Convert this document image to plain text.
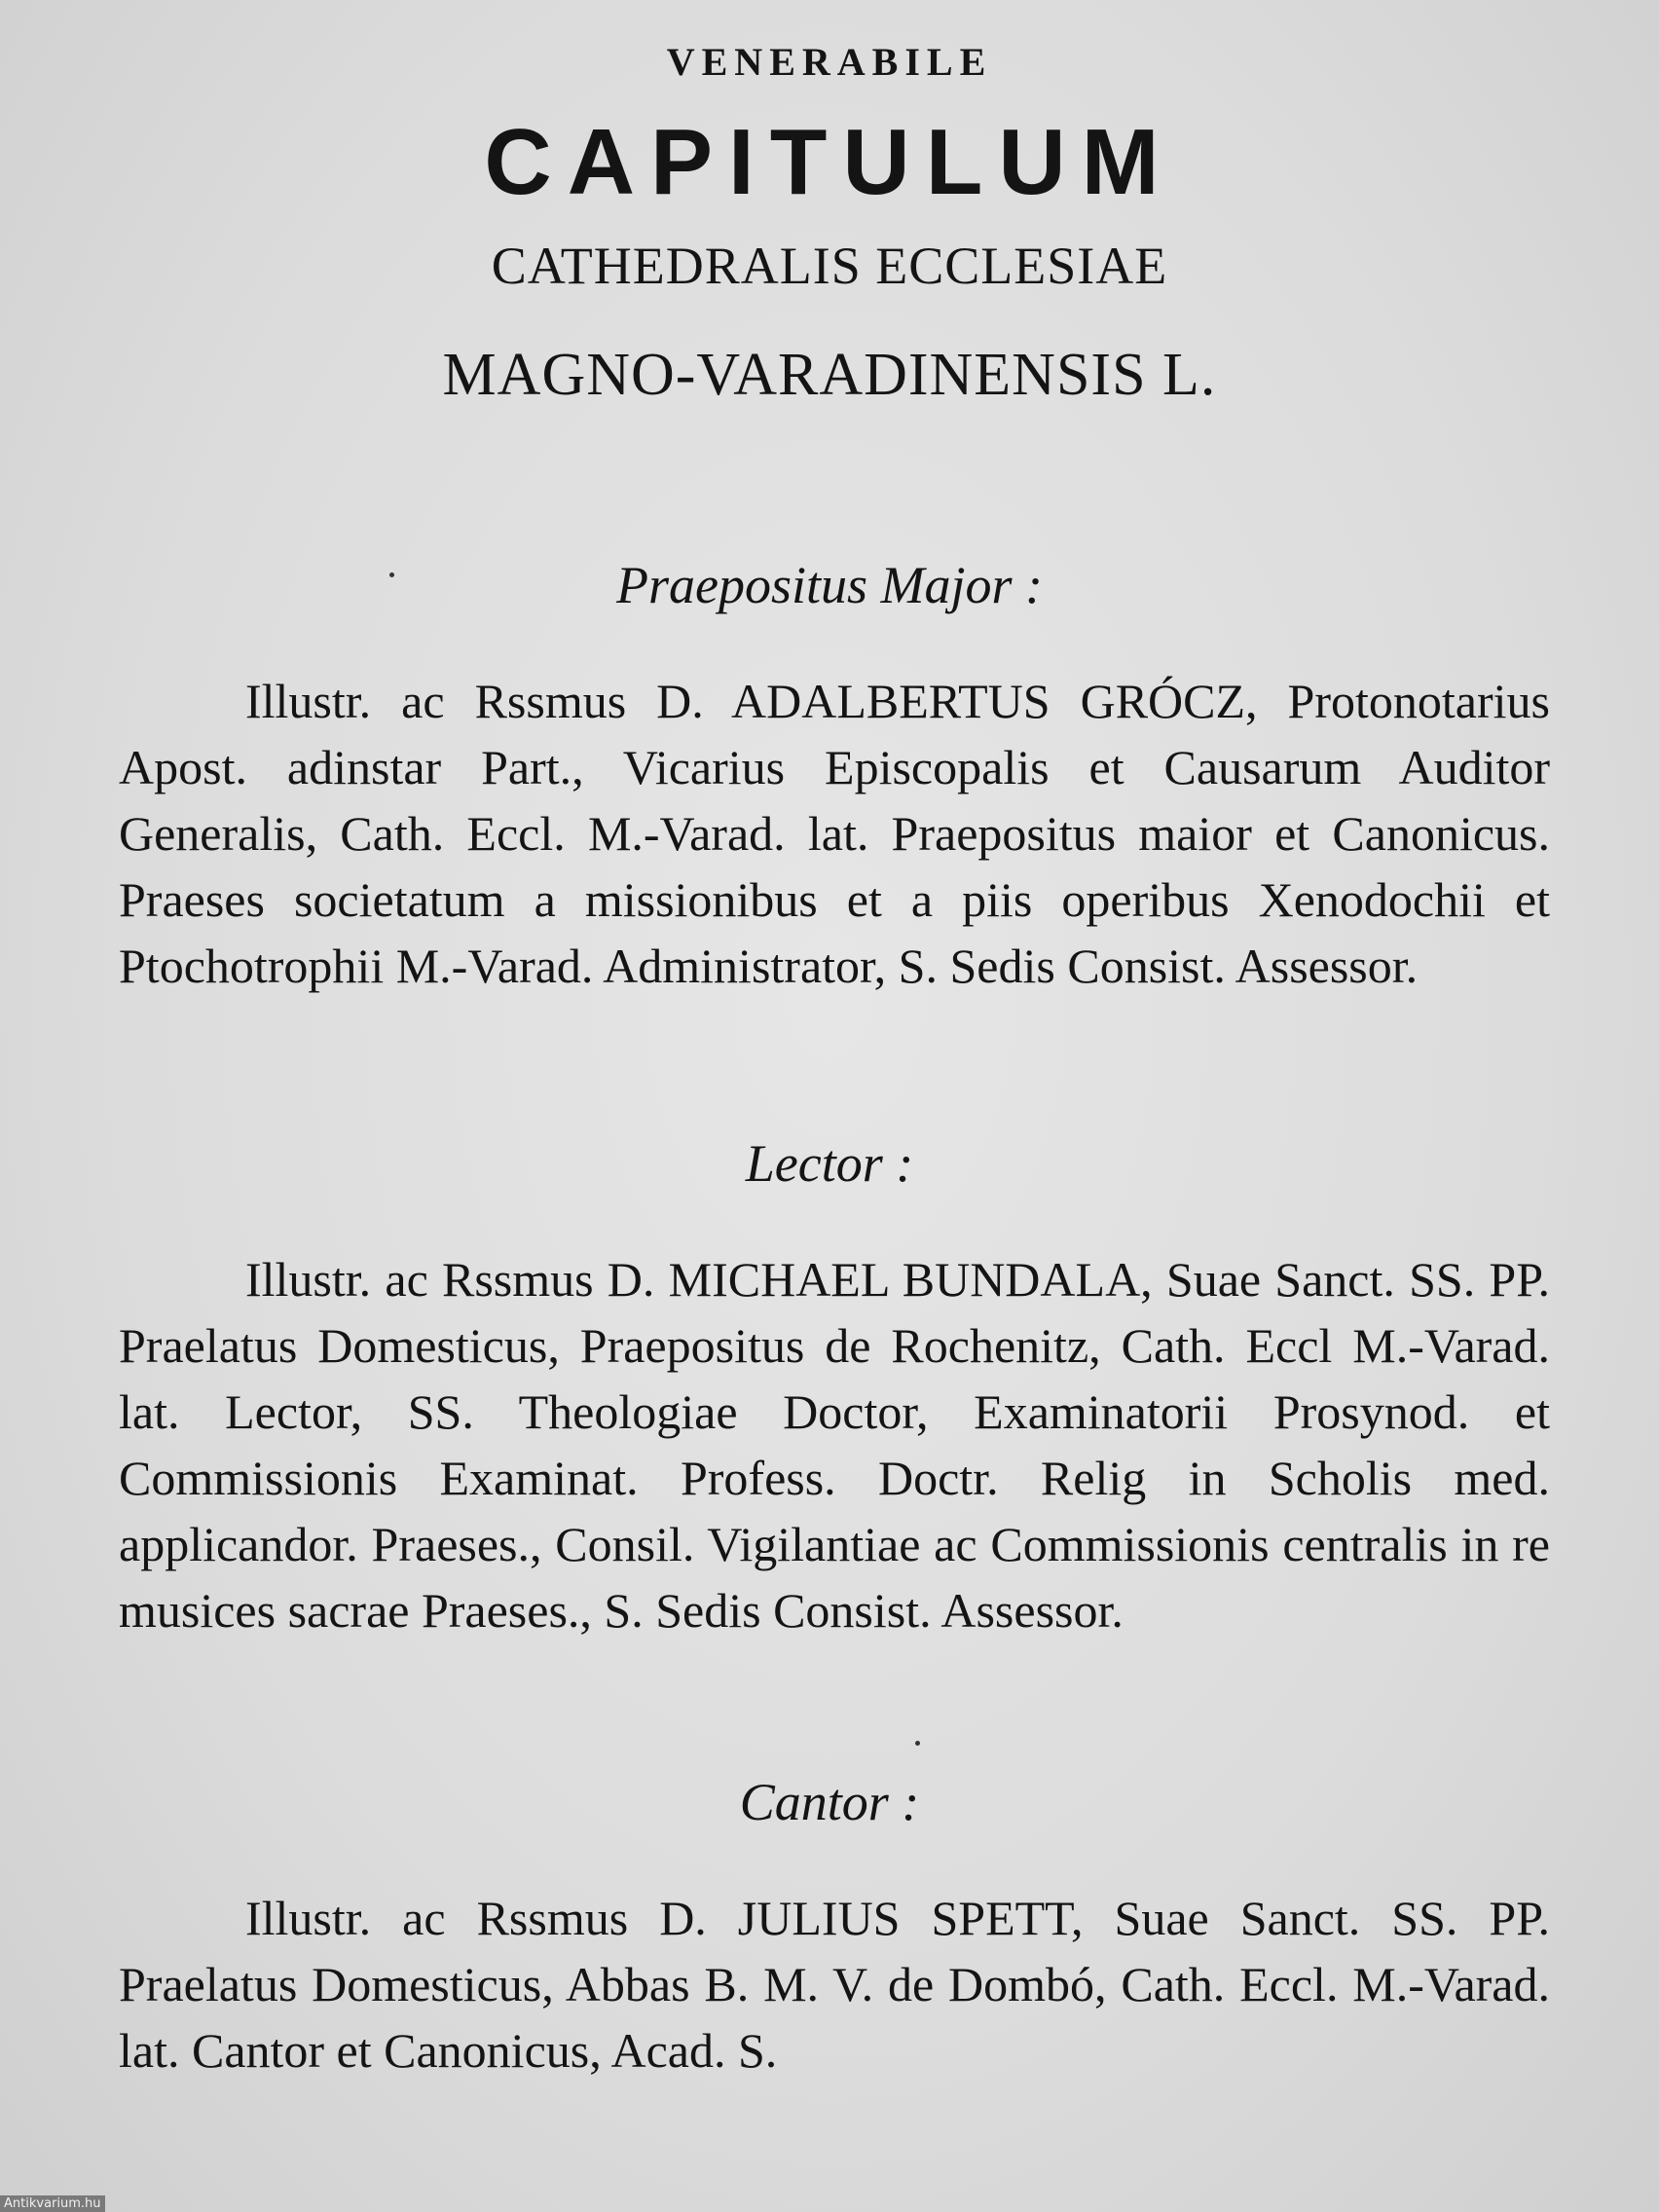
VENERABILE
CAPITULUM
CATHEDRALIS ECCLESIAE
MAGNO-VARADINENSIS L.
Praepositus Major :

Illustr. ac Rssmus D. ADALBERTUS GRÓCZ, Protonotarius Apost. adinstar Part., Vicarius Episcopalis et Causarum Auditor Generalis, Cath. Eccl. M.-Varad. lat. Praepositus maior et Canonicus. Praeses societatum a missionibus et a piis operibus Xenodochii et Ptochotrophii M.-Varad. Administrator, S. Sedis Consist. Assessor.

Lector :

Illustr. ac Rssmus D. MICHAEL BUNDALA, Suae Sanct. SS. PP. Praelatus Domesticus, Praepositus de Rochenitz, Cath. Eccl M.-Varad. lat. Lector, SS. Theologiae Doctor, Examinatorii Prosynod. et Commissionis Examinat. Profess. Doctr. Relig in Scholis med. applicandor. Praeses., Consil. Vigilantiae ac Commissionis centralis in re musices sacrae Praeses., S. Sedis Consist. Assessor.

Cantor :

Illustr. ac Rssmus D. JULIUS SPETT, Suae Sanct. SS. PP. Praelatus Domesticus, Abbas B. M. V. de Dombó, Cath. Eccl. M.-Varad. lat. Cantor et Canonicus, Acad. S.

Antikvarium.hu
